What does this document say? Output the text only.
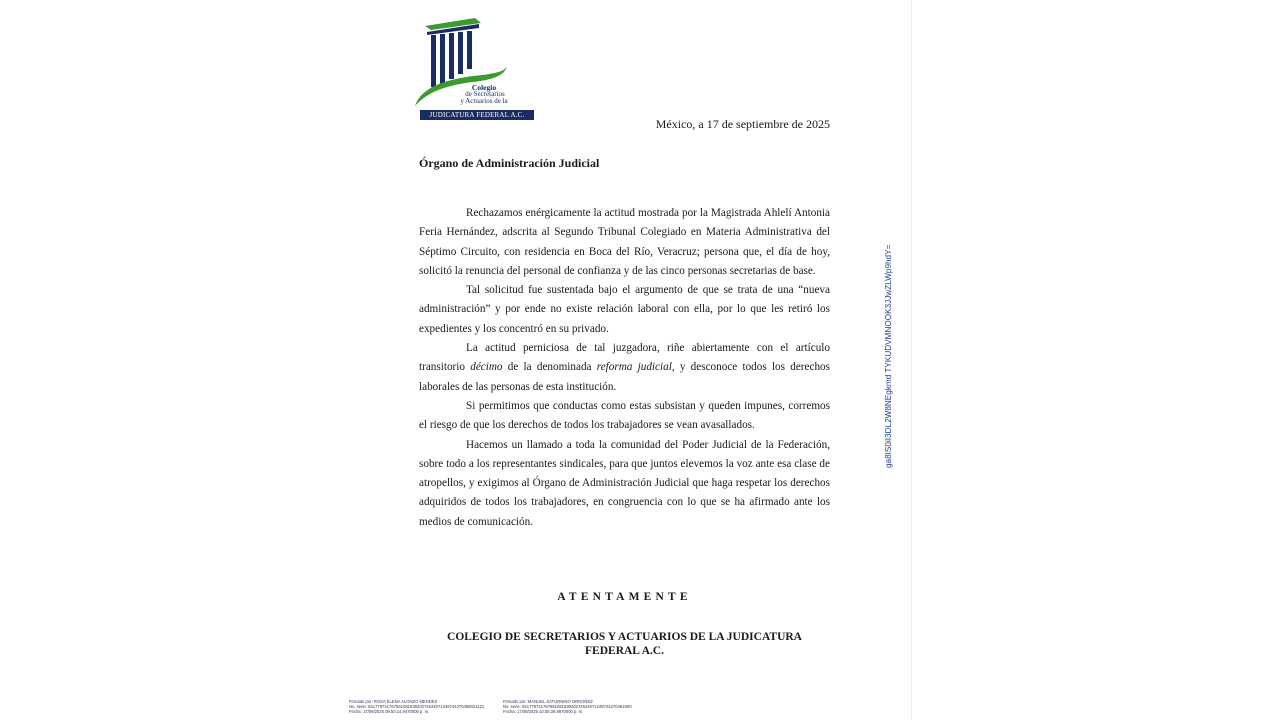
Colegio
de Secretarios
y Actuarios de la
JUDICATURA FEDERAL A.C.
México, a 17 de septiembre de 2025
Órgano de Administración Judicial

Rechazamos enérgicamente la actitud mostrada por la Magistrada Ahlelí Antonia Feria Hernández, adscrita al Segundo Tribunal Colegiado en Materia Administrativa del Séptimo Circuito, con residencia en Boca del Río, Veracruz; persona que, el día de hoy, solicitó la renuncia del personal de confianza y de las cinco personas secretarias de base.

Tal solicitud fue sustentada bajo el argumento de que se trata de una “nueva administración” y por ende no existe relación laboral con ella, por lo que les retiró los expedientes y los concentró en su privado.

La actitud perniciosa de tal juzgadora, riñe abiertamente con el artículo transitorio décimo de la denominada reforma judicial, y desconoce todos los derechos laborales de las personas de esta institución.

Si permitimos que conductas como estas subsistan y queden impunes, corremos el riesgo de que los derechos de todos los trabajadores se vean avasallados.

Hacemos un llamado a toda la comunidad del Poder Judicial de la Federación, sobre todo a los representantes sindicales, para que juntos elevemos la voz ante esa clase de atropellos, y exigimos al Órgano de Administración Judicial que haga respetar los derechos adquiridos de todos los trabajadores, en congruencia con lo que se ha afirmado ante los medios de comunicación.

ATENTAMENTE
COLEGIO DE SECRETARIOS Y ACTUARIOS DE LA JUDICATURA
FEDERAL A.C.
Firmado por: ROSA ELENA ALONZO MENDEZ
No. serie: 64177974176766108193920274624071249744270458021121
Fecha: 17/09/2025 09:50:14.9470000 p. m.
Firmado por: MANUEL SATURNINO ORDOÑEZ
No. serie: 64177974176766108193920274624071249744270461900
Fecha: 17/09/2025 10:56:26.8670000 p. m.
ga8IS0iI3DL2W8NEgkmd TYKUDVMNOOK3JJwZLWp9hdY=
